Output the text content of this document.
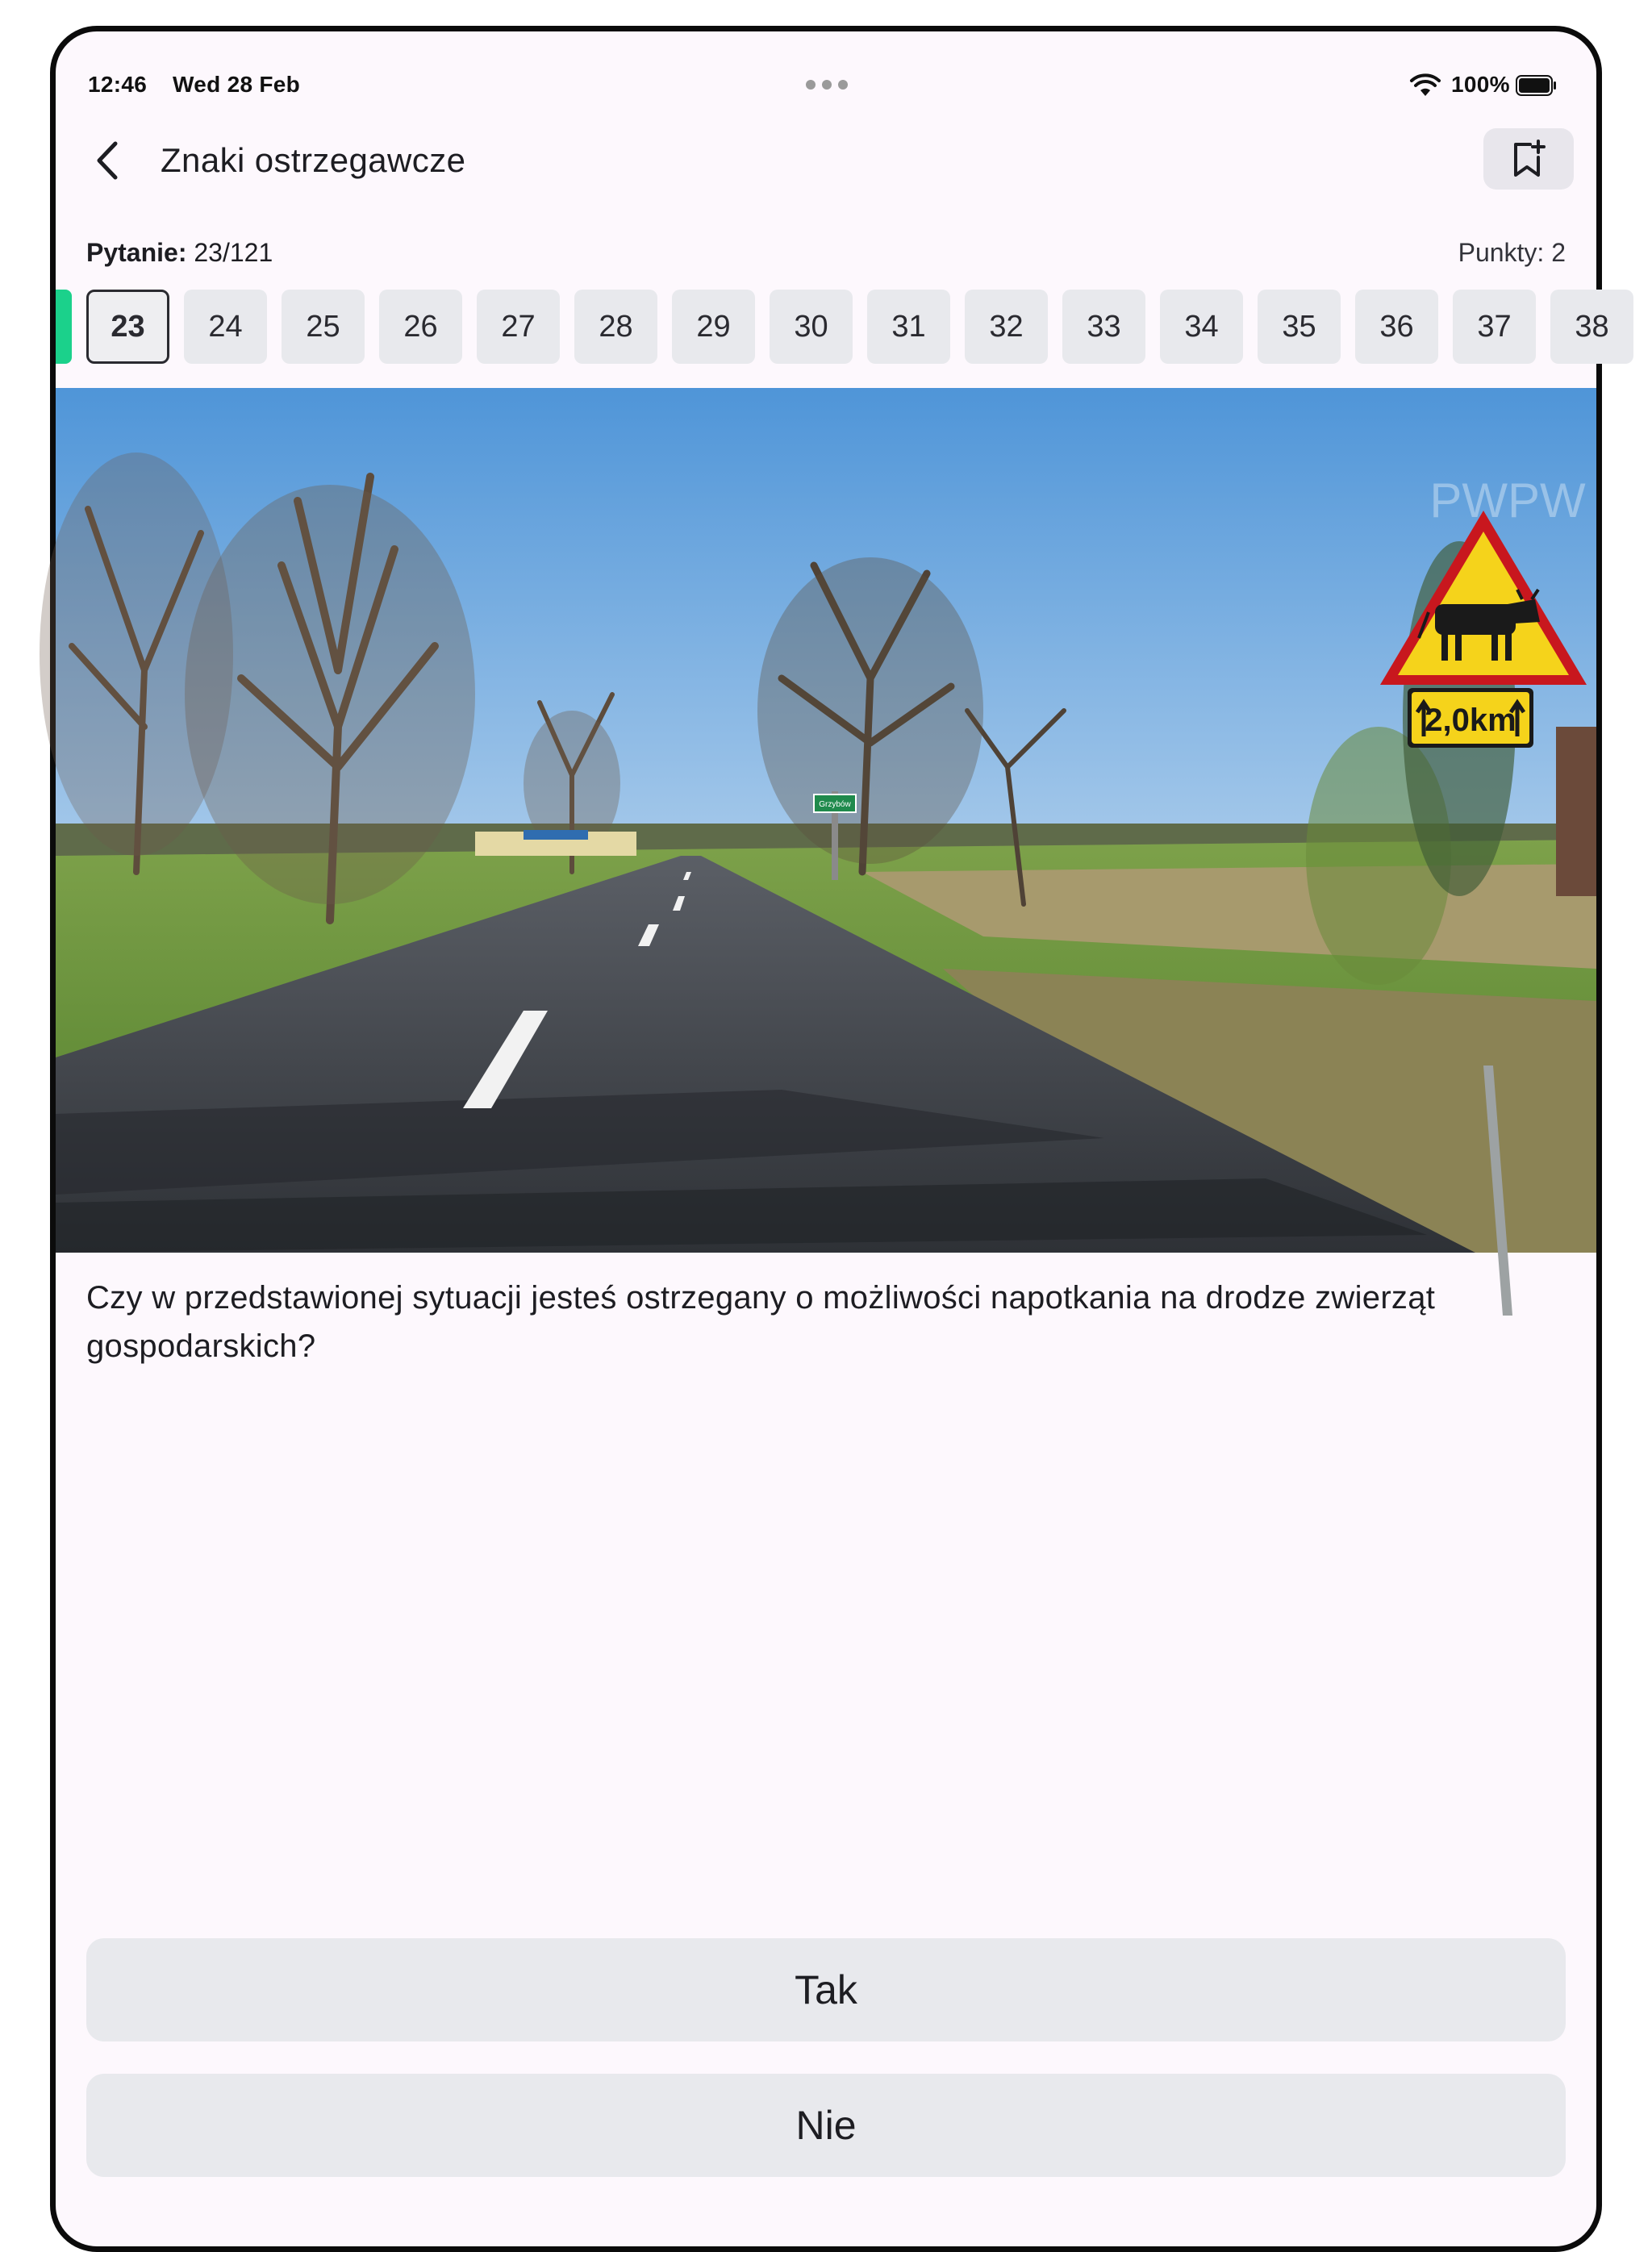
12:46 Wed 28 Feb	100%
Znaki ostrzegawcze
Pytanie: 23/121	Punkty: 2
23	24	25	26	27	28	29	30	31	32	33	34	35	36	37	38
Grzybów
2,0km
PWPW
Czy w przedstawionej sytuacji jesteś ostrzegany o możliwości napotkania na drodze zwierząt gospodarskich?
Tak
Nie
